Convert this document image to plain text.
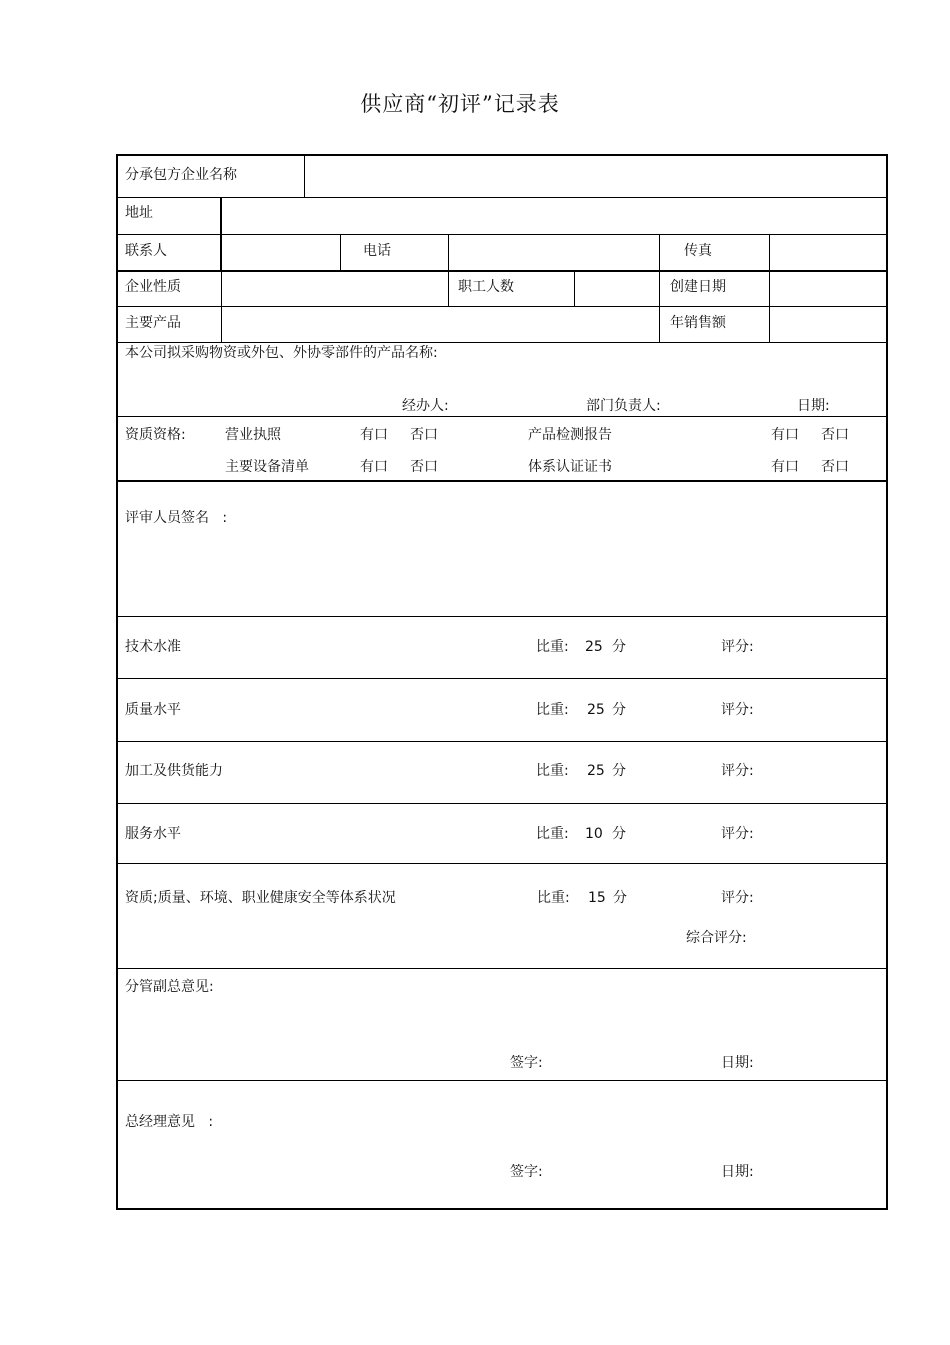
供应商“初评”记录表
分承包方企业名称
地址
联系人	电话	传真
企业性质	职工人数	创建日期
主要产品	年销售额
本公司拟采购物资或外包、外协零部件的产品名称:
经办人:	部门负责人:	日期:
资质资格:	营业执照	有口 否口	产品检测报告	有口 否口
主要设备清单	有口 否口	体系认证证书	有口 否口
评审人员签名   :
技术水准	比重: 25 分	评分:
质量水平	比重: 25 分	评分:
加工及供货能力	比重: 25 分	评分:
服务水平	比重: 10 分	评分:
资质;质量、环境、职业健康安全等体系状况	比重: 15 分	评分:
综合评分:
分管副总意见:
签字:	日期:
总经理意见   :
签字:	日期:
